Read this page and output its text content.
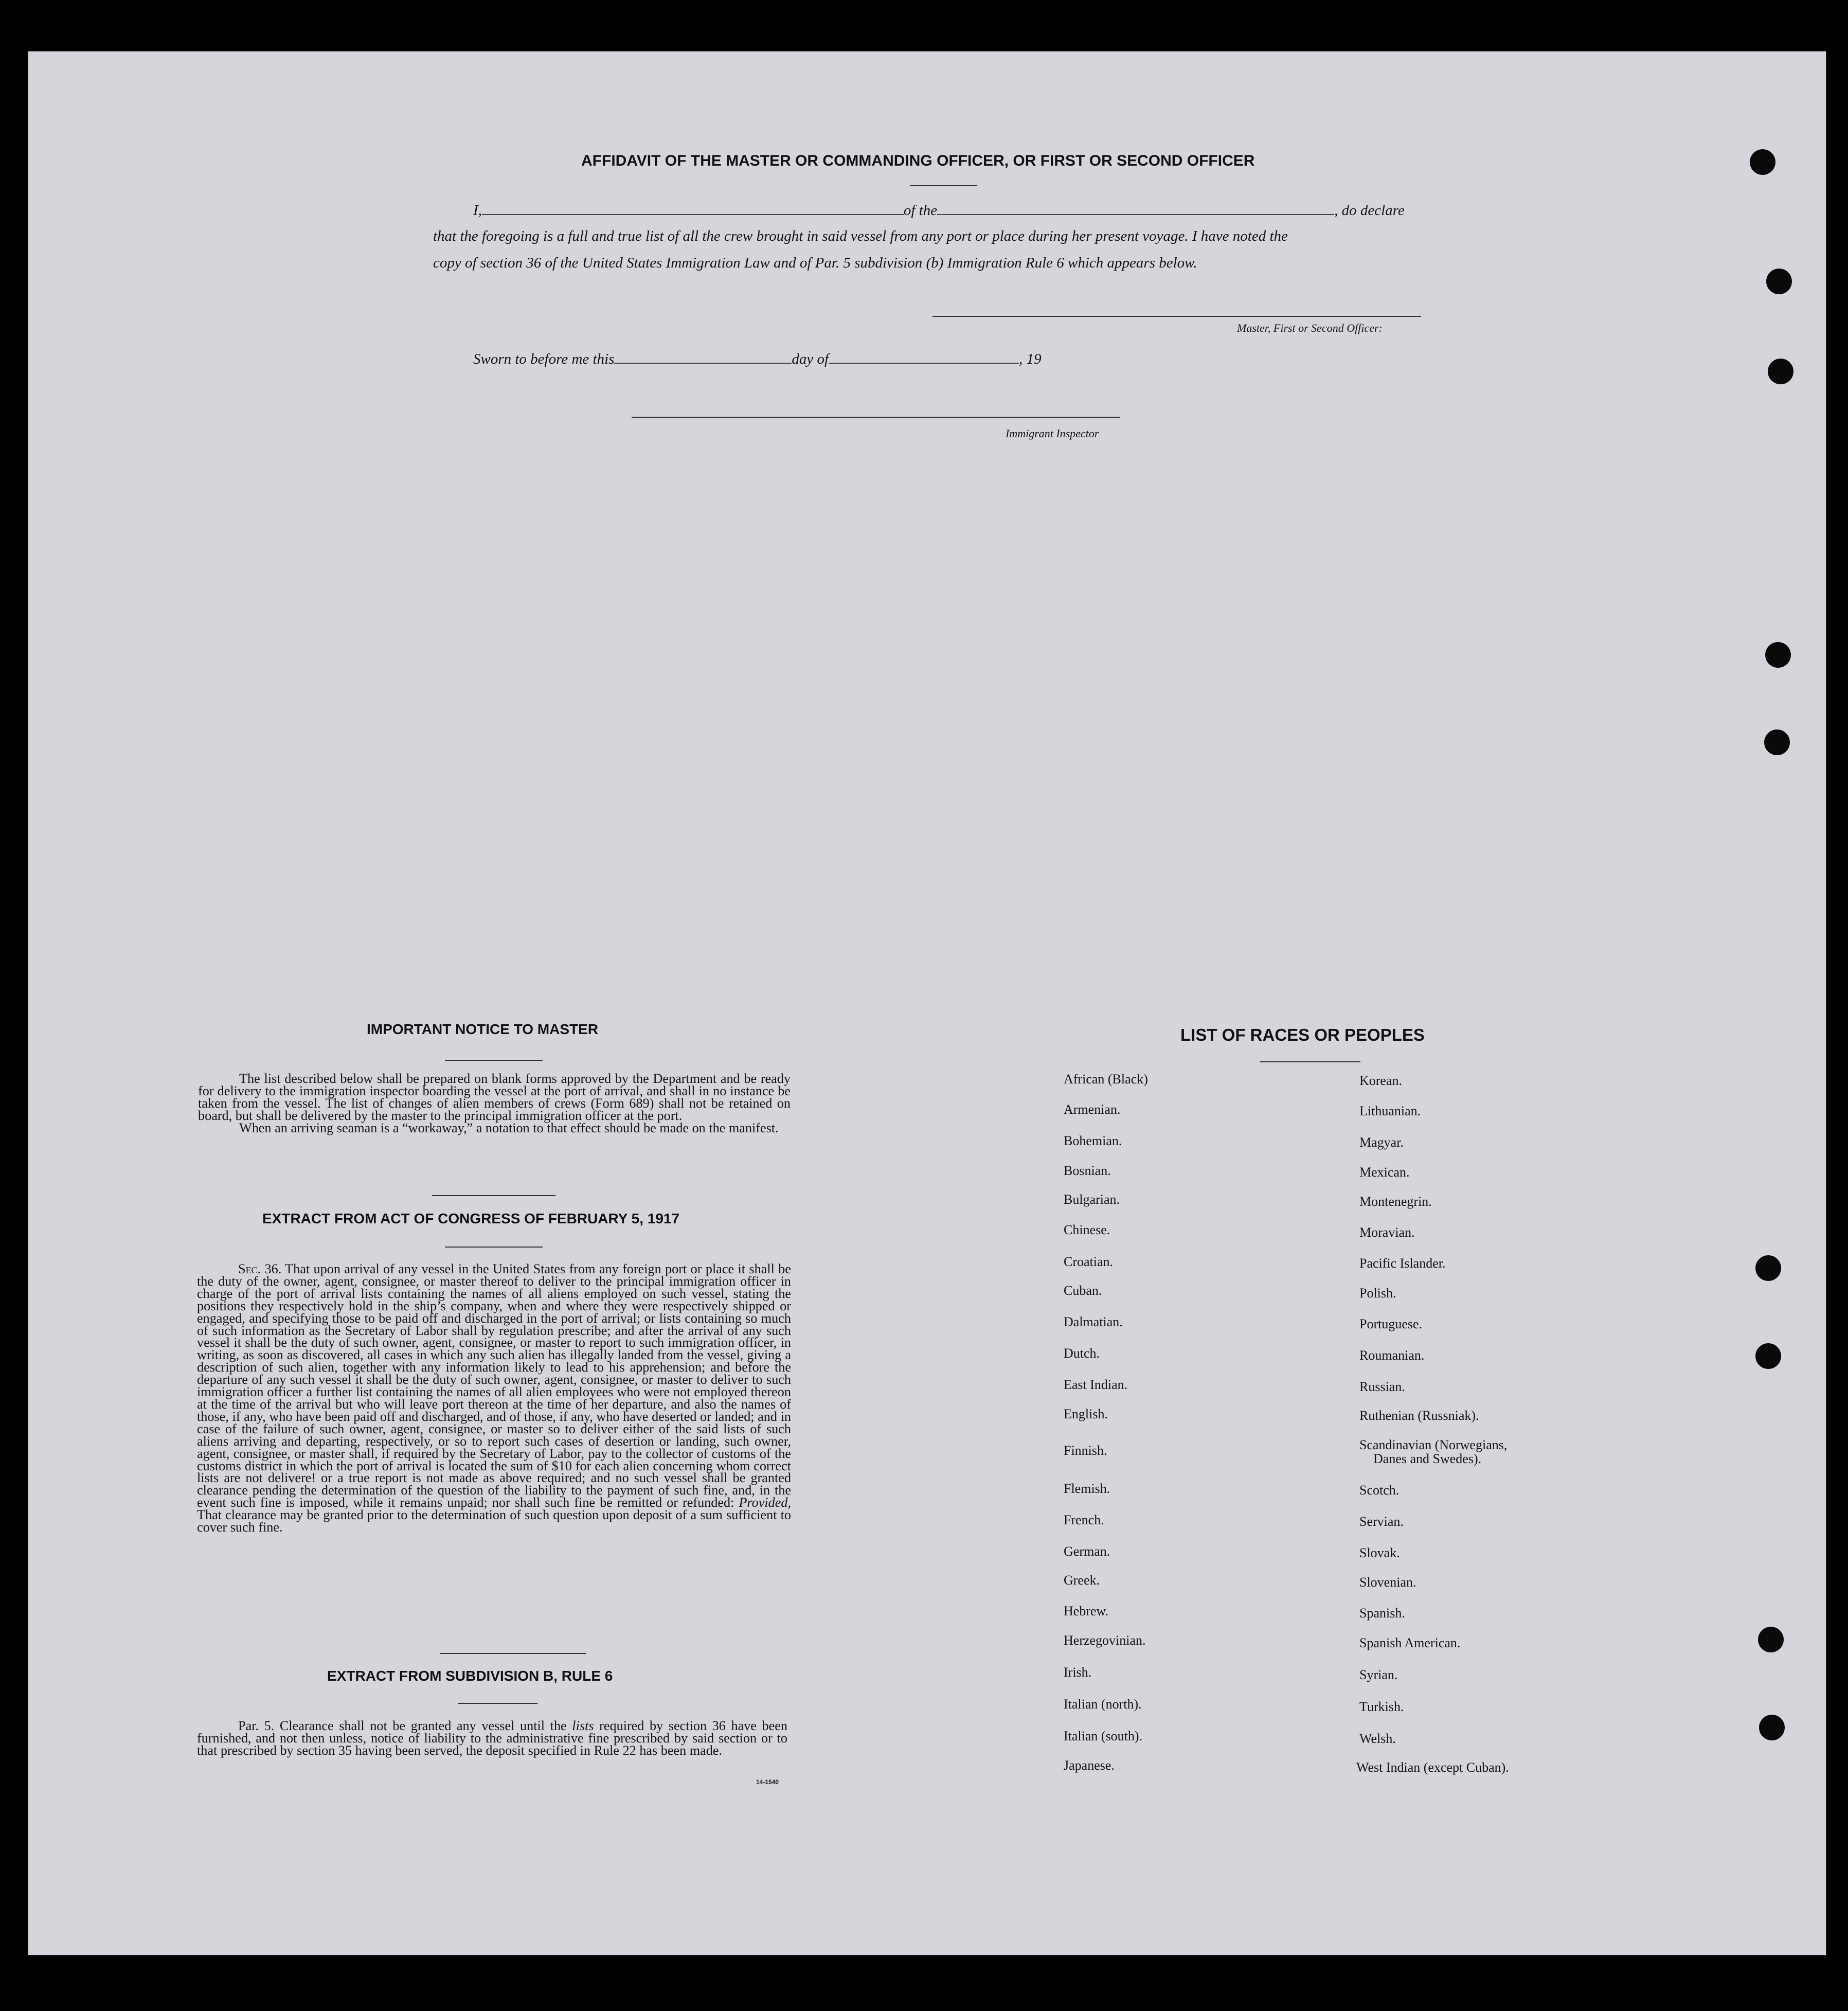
AFFIDAVIT OF THE MASTER OR COMMANDING OFFICER, OR FIRST OR SECOND OFFICER
I,	of the	, do declare
that the foregoing is a full and true list of all the crew brought in said vessel from any port or place during her present voyage. I have noted the
copy of section 36 of the United States Immigration Law and of Par. 5 subdivision (b) Immigration Rule 6 which appears below.
Master, First or Second Officer:
Sworn to before me this	day of	, 19
Immigrant Inspector
IMPORTANT NOTICE TO MASTER
The list described below shall be prepared on blank forms approved by the Department and be ready for delivery to the immigration inspector boarding the vessel at the port of arrival, and shall in no instance be taken from the vessel. The list of changes of alien members of crews (Form 689) shall not be retained on board, but shall be delivered by the master to the principal immigration officer at the port.
When an arriving seaman is a “workaway,” a notation to that effect should be made on the manifest.
EXTRACT FROM ACT OF CONGRESS OF FEBRUARY 5, 1917
Sec. 36. That upon arrival of any vessel in the United States from any foreign port or place it shall be the duty of the owner, agent, consignee, or master thereof to deliver to the principal immigration officer in charge of the port of arrival lists containing the names of all aliens employed on such vessel, stating the positions they respectively hold in the ship’s company, when and where they were respectively shipped or engaged, and specifying those to be paid off and discharged in the port of arrival; or lists containing so much of such information as the Secretary of Labor shall by regulation prescribe; and after the arrival of any such vessel it shall be the duty of such owner, agent, consignee, or master to report to such immigration officer, in writing, as soon as discovered, all cases in which any such alien has illegally landed from the vessel, giving a description of such alien, together with any information likely to lead to his apprehension; and before the departure of any such vessel it shall be the duty of such owner, agent, consignee, or master to deliver to such immigration officer a further list containing the names of all alien employees who were not employed thereon at the time of the arrival but who will leave port thereon at the time of her departure, and also the names of those, if any, who have been paid off and discharged, and of those, if any, who have deserted or landed; and in case of the failure of such owner, agent, consignee, or master so to deliver either of the said lists of such aliens arriving and departing, respectively, or so to report such cases of desertion or landing, such owner, agent, consignee, or master shall, if required by the Secretary of Labor, pay to the collector of customs of the customs district in which the port of arrival is located the sum of $10 for each alien concerning whom correct lists are not delivere! or a true report is not made as above required; and no such vessel shall be granted clearance pending the determination of the question of the liability to the payment of such fine, and, in the event such fine is imposed, while it remains unpaid; nor shall such fine be remitted or refunded: Provided, That clearance may be granted prior to the determination of such question upon deposit of a sum sufficient to cover such fine.
EXTRACT FROM SUBDIVISION B, RULE 6
Par. 5. Clearance shall not be granted any vessel until the lists required by section 36 have been furnished, and not then unless, notice of liability to the administrative fine prescribed by said section or to that prescribed by section 35 having been served, the deposit specified in Rule 22 has been made.
14-1540
LIST OF RACES OR PEOPLES
African (Black)
Armenian.
Bohemian.
Bosnian.
Bulgarian.
Chinese.
Croatian.
Cuban.
Dalmatian.
Dutch.
East Indian.
English.
Finnish.
Flemish.
French.
German.
Greek.
Hebrew.
Herzegovinian.
Irish.
Italian (north).
Italian (south).
Japanese.
Korean.
Lithuanian.
Magyar.
Mexican.
Montenegrin.
Moravian.
Pacific Islander.
Polish.
Portuguese.
Roumanian.
Russian.
Ruthenian (Russniak).
Scandinavian (Norwegians,
Danes and Swedes).
Scotch.
Servian.
Slovak.
Slovenian.
Spanish.
Spanish American.
Syrian.
Turkish.
Welsh.
West Indian (except Cuban).
